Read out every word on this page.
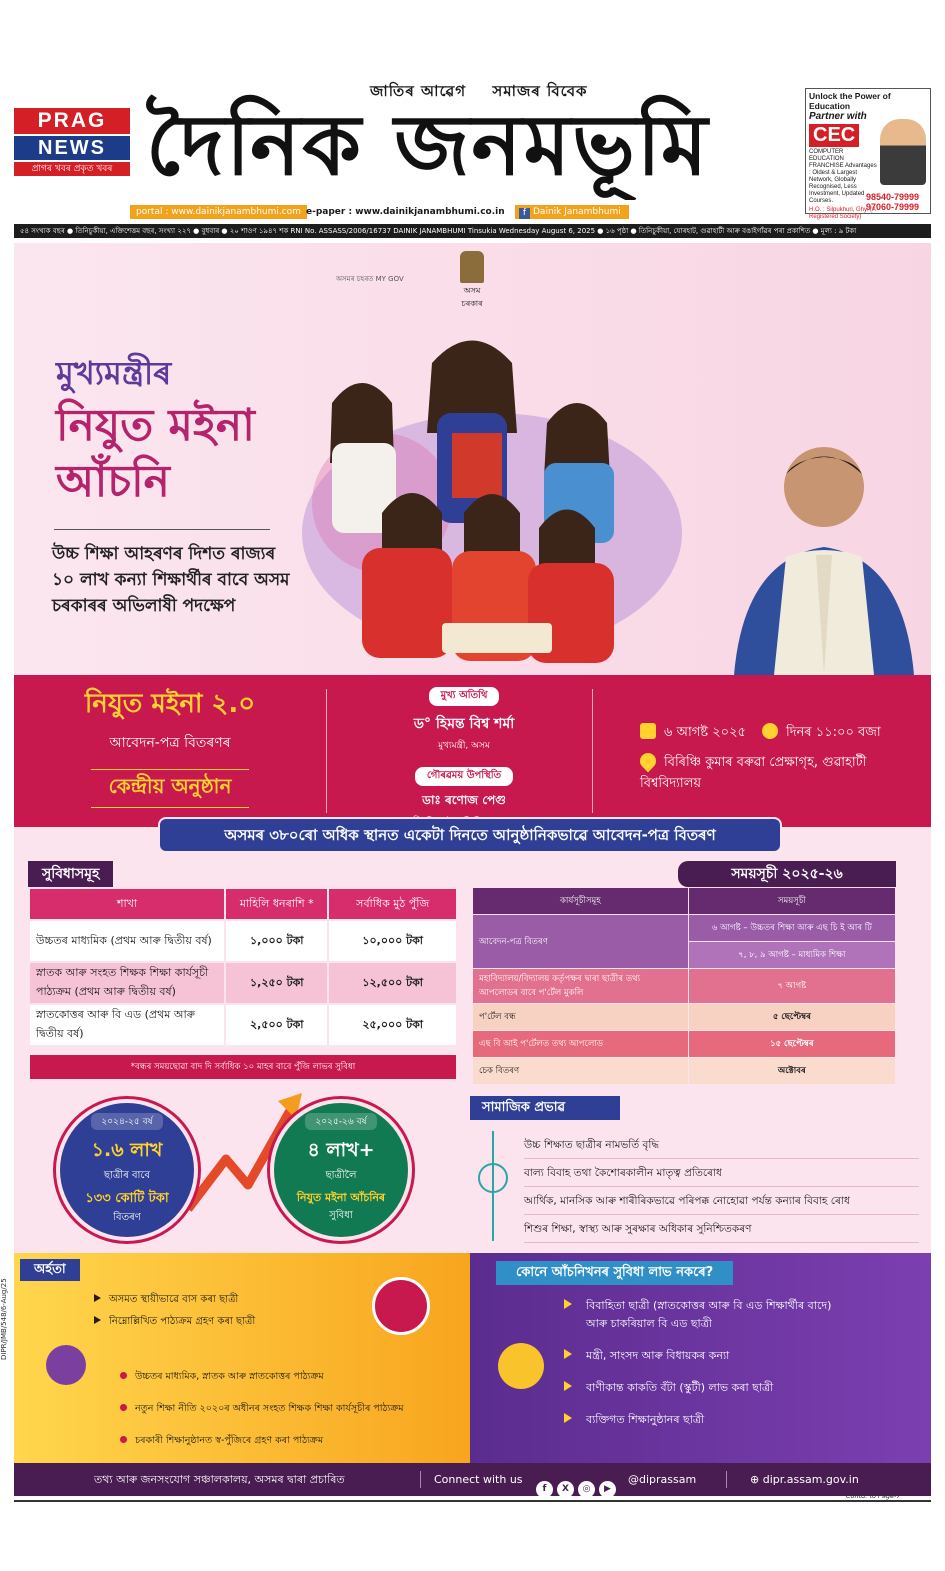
জাতিৰ আৱেগ সমাজৰ বিবেক
PRAG
NEWS
প্ৰাগৰ খবৰ প্ৰকৃত খবৰ দৈনিক জনমভূমি
portal : www.dainikjanambhumi.com e-paper : www.dainikjanambhumi.co.in	f Dainik Janambhumi
Unlock the Power of Education
Partner with
CEC
COMPUTER EDUCATION FRANCHISE Advantages : Oldest & Largest Network, Globally Recognised, Less Investment, Updated Courses.
H.O. : Silpukhuri, Ghy. (A Registered Society)
98540-79999
97060-79999
৫৪ সংখ্যক বছৰ ● তিনিচুকীয়া, এক্তিশেত্তম বছৰ, সংখ্যা ২২৭ ● বুধবাৰ ● ২০ শাওণ ১৯৪৭ শক RNI No. ASSASS/2006/16737 DAINIK JANAMBHUMI Tinsukia Wednesday August 6, 2025 ● ১৬ পৃষ্ঠা ● তিনিচুকীয়া, যোৰহাট, গুৱাহাটী আৰু বঙাইগাঁৱৰ পৰা প্ৰকাশিত ● মূল্য : ৯ টকা
অসমৰ চহৰত MY GOV
অসম চৰকাৰ
মুখ্যমন্ত্ৰীৰ
নিযুত মইনা
আঁচনি
উচ্চ শিক্ষা আহৰণৰ দিশত ৰাজ্যৰ ১০ লাখ কন্যা শিক্ষাৰ্থীৰ বাবে অসম চৰকাৰৰ অভিলাষী পদক্ষেপ
নিযুত মইনা ২.০
আবেদন-পত্ৰ বিতৰণৰ
কেন্দ্ৰীয় অনুষ্ঠান
মুখ্য অতিথি
ড° হিমন্ত বিশ্ব শৰ্মা
মুখ্যমন্ত্ৰী, অসম
গৌৰৱময় উপস্থিতি
ডাঃ ৰণোজ পেগু
৬ আগষ্ট ২০২৫	দিনৰ ১১:০০ বজা
বিৰিঞ্চি কুমাৰ বৰুৱা প্ৰেক্ষাগৃহ, গুৱাহাটী বিশ্ববিদ্যালয়
অসমৰ ৩৮০ৰো অধিক স্থানত একেটা দিনতে আনুষ্ঠানিকভাৱে আবেদন-পত্ৰ বিতৰণ
সুবিধাসমূহ
শাখা	মাহিলি ধনৰাশি *	সৰ্বাধিক মুঠ পুঁজি
উচ্চতৰ মাধ্যমিক (প্ৰথম আৰু দ্বিতীয় বৰ্ষ)	১,০০০ টকা	১০,০০০ টকা
স্নাতক আৰু সংহত শিক্ষক শিক্ষা কাৰ্যসূচী পাঠ্যক্ৰম (প্ৰথম আৰু দ্বিতীয় বৰ্ষ)	১,২৫০ টকা	১২,৫০০ টকা
স্নাতকোত্তৰ আৰু বি এড (প্ৰথম আৰু দ্বিতীয় বৰ্ষ)	২,৫০০ টকা	২৫,০০০ টকা
*বন্ধৰ সময়ছোৱা বাদ দি সৰ্বাধিক ১০ মাহৰ বাবে পুঁজি লাভৰ সুবিধা
সময়সূচী ২০২৫-২৬
কাৰ্যসূচীসমূহ	সময়সূচী
আবেদন-পত্ৰ বিতৰণ	৬ আগষ্ট – উচ্চতৰ শিক্ষা আৰু এছ চি ই আৰ টি
	৭, ৮, ৯ আগষ্ট – মাধ্যমিক শিক্ষা
মহাবিদ্যালয়/বিদ্যালয় কৰ্তৃপক্ষৰ দ্বাৰা ছাত্ৰীৰ তথ্য আপলোডৰ বাবে প'ৰ্টেল মুকলি	৭ আগষ্ট
প'ৰ্টেল বন্ধ	৫ ছেপ্টেম্বৰ
এছ বি আই প'ৰ্টেলত তথ্য আপলোড	১৫ ছেপ্টেম্বৰ
চেক বিতৰণ	অক্টোবৰ
২০২৪-২৫ বৰ্ষ
১.৬ লাখ
ছাত্ৰীৰ বাবে
১৩৩ কোটি টকা
বিতৰণ
২০২৫-২৬ বৰ্ষ
৪ লাখ+
ছাত্ৰীলৈ
নিযুত মইনা আঁচনিৰ
সুবিধা
সামাজিক প্ৰভাৱ
উচ্চ শিক্ষাত ছাত্ৰীৰ নামভৰ্তি বৃদ্ধি
বাল্য বিবাহ তথা কৈশোৰকালীন মাতৃত্ব প্ৰতিৰোধ
আৰ্থিক, মানসিক আৰু শাৰীৰিকভাৱে পৰিপক্ক নোহোৱা পৰ্যন্ত কন্যাৰ বিবাহ ৰোধ
শিশুৰ শিক্ষা, স্বাস্থ্য আৰু সুৰক্ষাৰ অধিকাৰ সুনিশ্চিতকৰণ
অৰ্হতা
অসমত স্থায়ীভাৱে বাস কৰা ছাত্ৰী
নিম্নোল্লিখিত পাঠ্যক্ৰম গ্ৰহণ কৰা ছাত্ৰী
উচ্চতৰ মাধ্যমিক, স্নাতক আৰু স্নাতকোত্তৰ পাঠ্যক্ৰম
নতুন শিক্ষা নীতি ২০২০ৰ অধীনৰ সংহত শিক্ষক শিক্ষা কাৰ্যসূচীৰ পাঠ্যক্ৰম
চৰকাৰী শিক্ষানুষ্ঠানত স্ব-পুঁজিৰে গ্ৰহণ কৰা পাঠ্যক্ৰম
কোনে আঁচনিখনৰ সুবিধা লাভ নকৰে?
বিবাহিতা ছাত্ৰী (স্নাতকোত্তৰ আৰু বি এড শিক্ষাৰ্থীৰ বাদে)
আৰু চাকৰিয়াল বি এড ছাত্ৰী
মন্ত্ৰী, সাংসদ আৰু বিধায়কৰ কন্যা
বাণীকান্ত কাকতি বঁটা (স্কুটী) লাভ কৰা ছাত্ৰী
ব্যক্তিগত শিক্ষানুষ্ঠানৰ ছাত্ৰী
তথ্য আৰু জনসংযোগ সঞ্চালকালয়, অসমৰ দ্বাৰা প্ৰচাৰিত	Connect with us
f X ◎ ▶
@diprassam	⊕ dipr.assam.gov.in
DIPR/JMB/548/6-Aug/25
Contd. to Page-7
